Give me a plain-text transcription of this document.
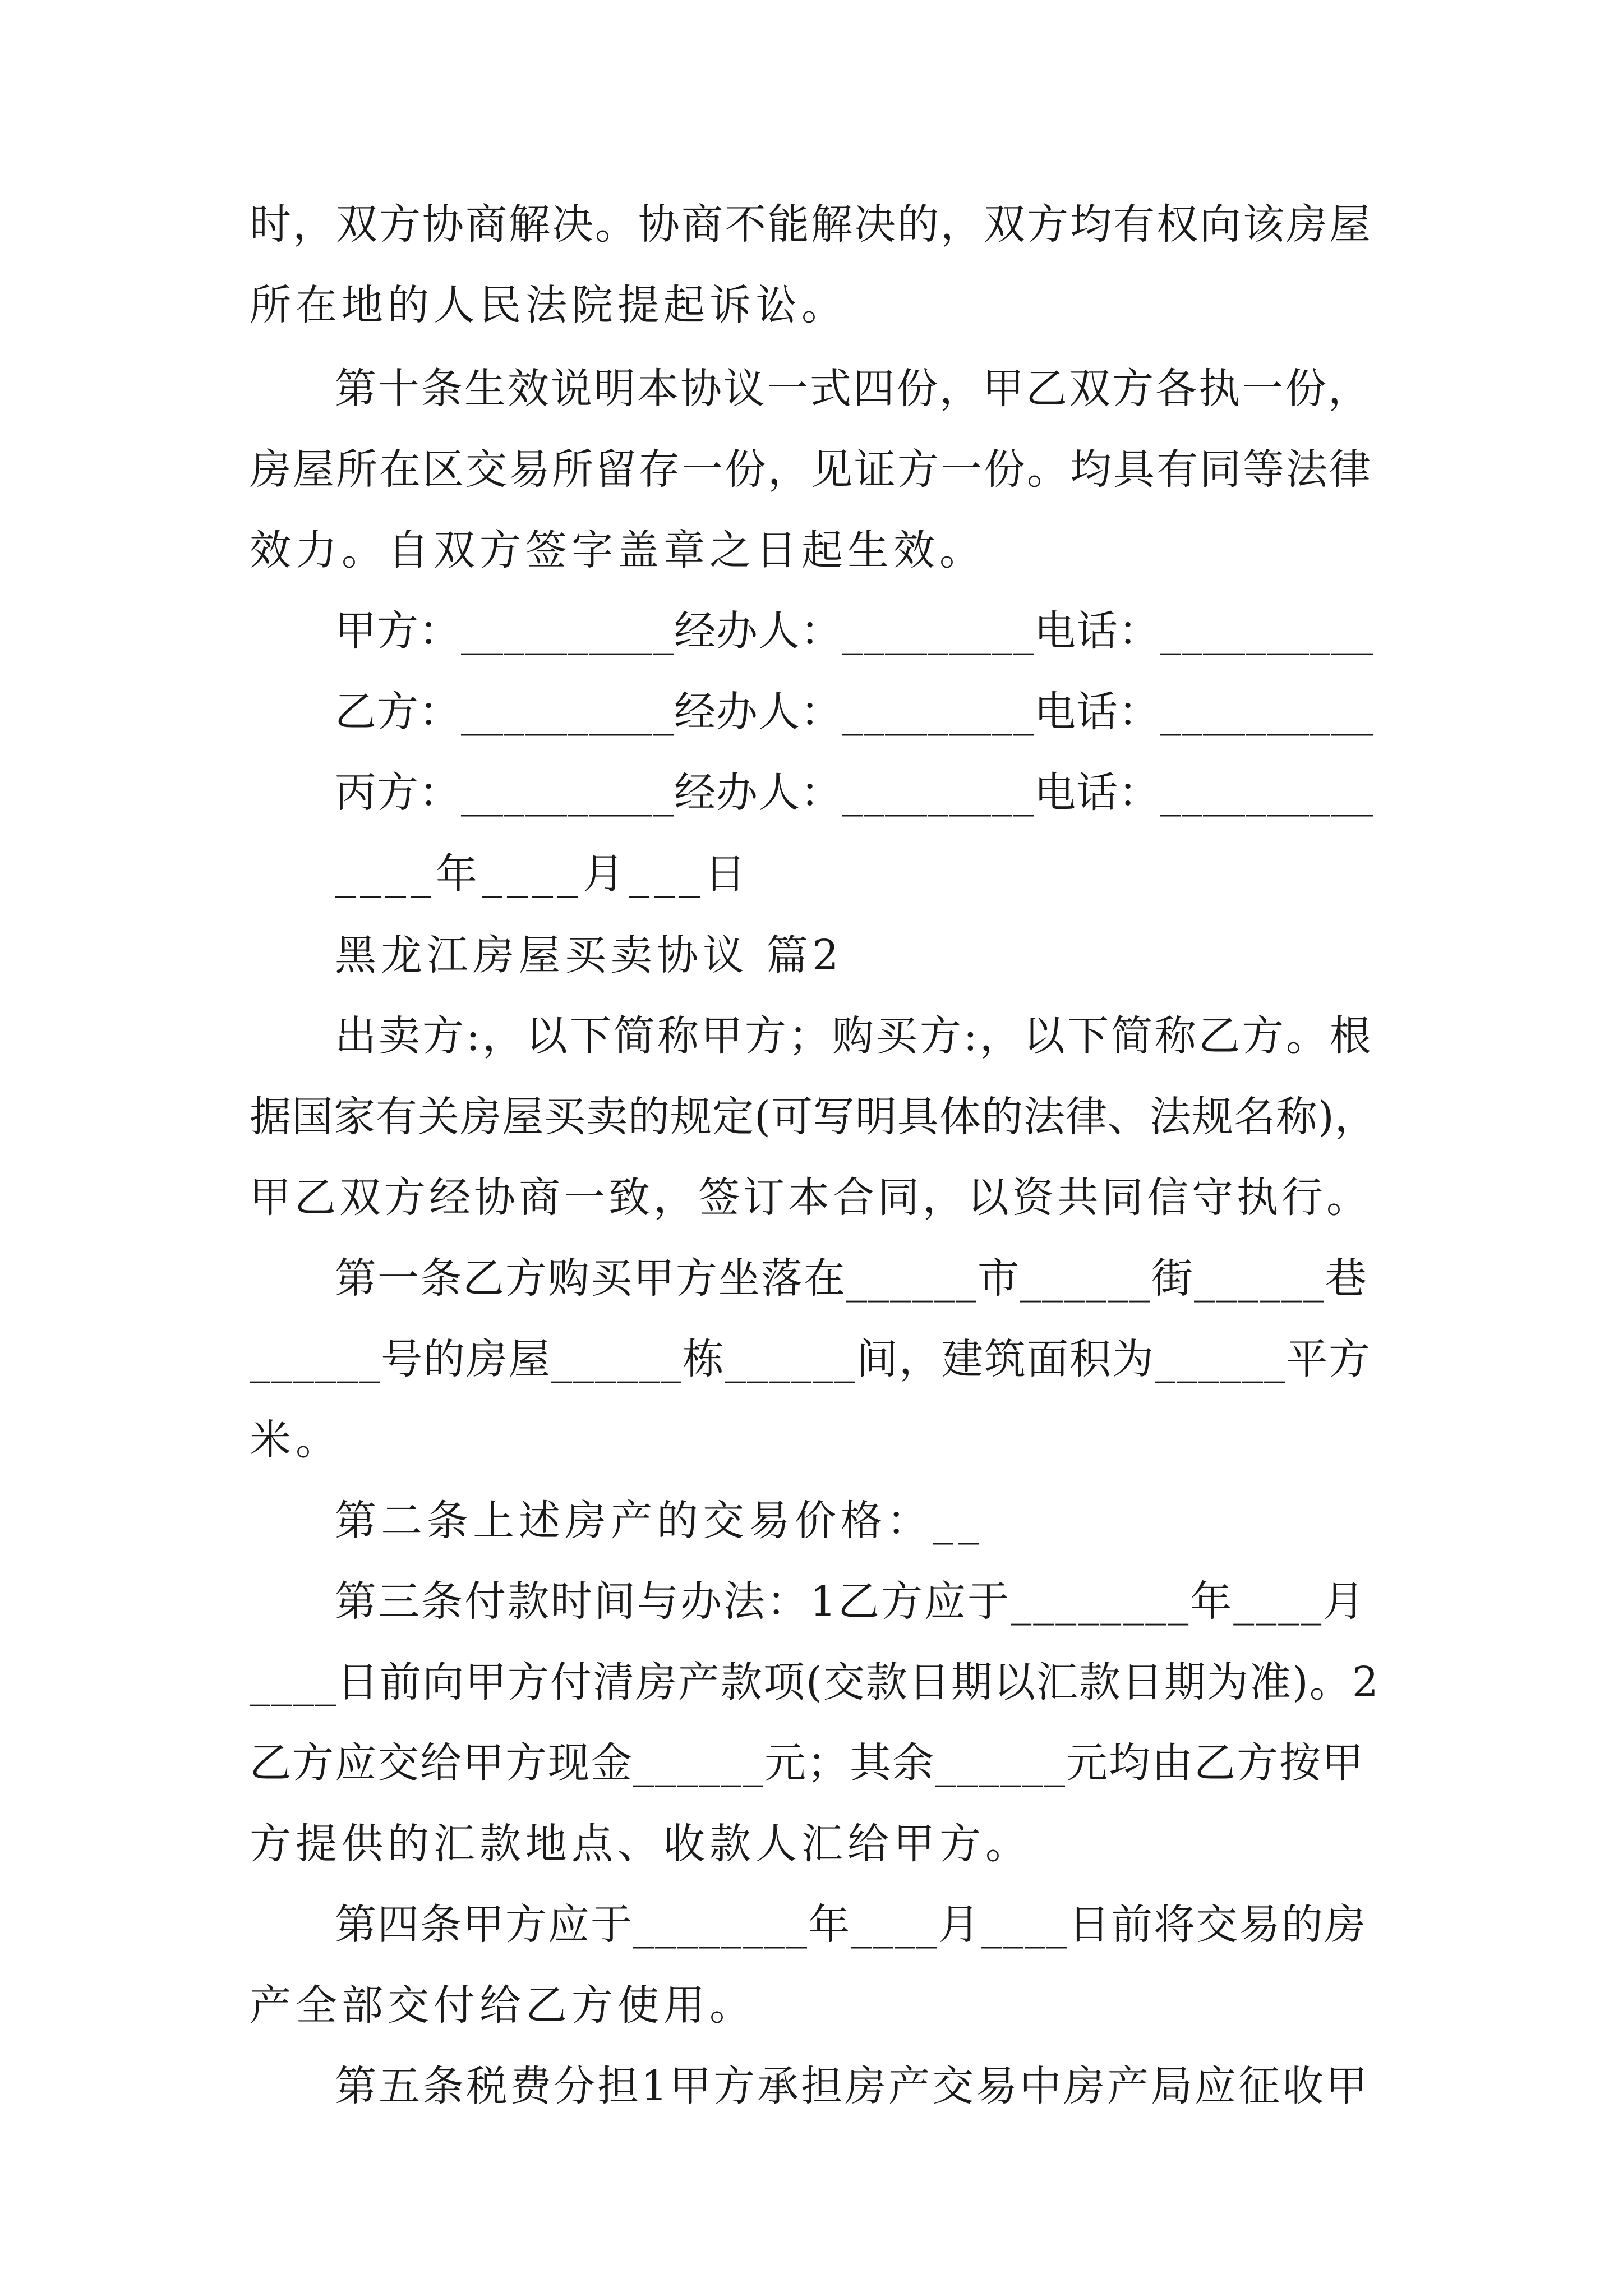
时，双方协商解决。协商不能解决的，双方均有权向该房屋
所在地的人民法院提起诉讼。
第十条生效说明本协议一式四份，甲乙双方各执一份，
房屋所在区交易所留存一份，见证方一份。均具有同等法律
效力。自双方签字盖章之日起生效。
甲方：__________经办人：_________电话：__________
乙方：__________经办人：_________电话：__________
丙方：__________经办人：_________电话：__________
____年____月___日
黑龙江房屋买卖协议 篇2
出卖方:，以下简称甲方；购买方:，以下简称乙方。根
据国家有关房屋买卖的规定(可写明具体的法律、法规名称)，
甲乙双方经协商一致，签订本合同，以资共同信守执行。
第一条乙方购买甲方坐落在______市______街______巷
______号的房屋______栋______间，建筑面积为______平方
米。
第二条上述房产的交易价格：__
第三条付款时间与办法：1乙方应于________年____月
____日前向甲方付清房产款项(交款日期以汇款日期为准)。2
乙方应交给甲方现金______元；其余______元均由乙方按甲
方提供的汇款地点、收款人汇给甲方。
第四条甲方应于________年____月____日前将交易的房
产全部交付给乙方使用。
第五条税费分担1甲方承担房产交易中房产局应征收甲
